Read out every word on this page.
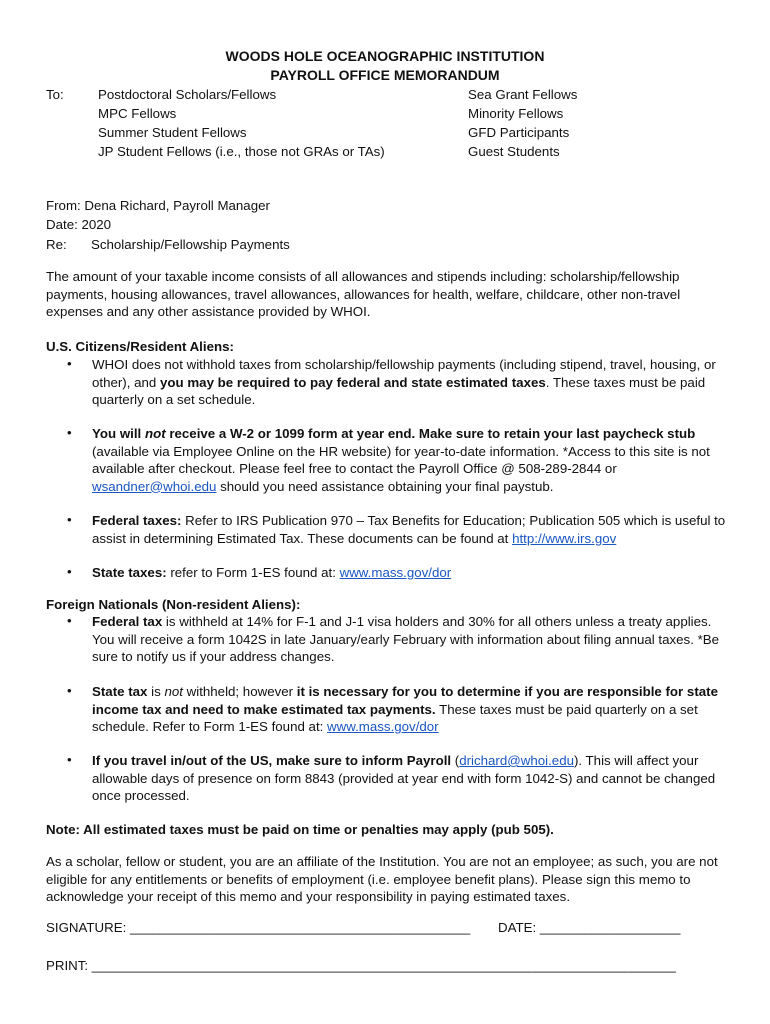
WOODS HOLE OCEANOGRAPHIC INSTITUTION
PAYROLL OFFICE MEMORANDUM
To:	Postdoctoral Scholars/Fellows
MPC Fellows
Summer Student Fellows
JP Student Fellows (i.e., those not GRAs or TAs)
Sea Grant Fellows
Minority Fellows
GFD Participants
Guest Students
From: Dena Richard, Payroll Manager
Date: 2020
Re: Scholarship/Fellowship Payments
The amount of your taxable income consists of all allowances and stipends including: scholarship/fellowship payments, housing allowances, travel allowances, allowances for health, welfare, childcare, other non-travel expenses and any other assistance provided by WHOI.
U.S. Citizens/Resident Aliens:
• WHOI does not withhold taxes from scholarship/fellowship payments (including stipend, travel, housing, or other), and you may be required to pay federal and state estimated taxes. These taxes must be paid quarterly on a set schedule.
• You will not receive a W-2 or 1099 form at year end. Make sure to retain your last paycheck stub (available via Employee Online on the HR website) for year-to-date information. *Access to this site is not available after checkout. Please feel free to contact the Payroll Office @ 508-289-2844 or wsandner@whoi.edu should you need assistance obtaining your final paystub.
• Federal taxes: Refer to IRS Publication 970 – Tax Benefits for Education; Publication 505 which is useful to assist in determining Estimated Tax. These documents can be found at http://www.irs.gov
• State taxes: refer to Form 1-ES found at: www.mass.gov/dor
Foreign Nationals (Non-resident Aliens):
• Federal tax is withheld at 14% for F-1 and J-1 visa holders and 30% for all others unless a treaty applies. You will receive a form 1042S in late January/early February with information about filing annual taxes. *Be sure to notify us if your address changes.
• State tax is not withheld; however it is necessary for you to determine if you are responsible for state income tax and need to make estimated tax payments. These taxes must be paid quarterly on a set schedule. Refer to Form 1-ES found at: www.mass.gov/dor
• If you travel in/out of the US, make sure to inform Payroll (drichard@whoi.edu). This will affect your allowable days of presence on form 8843 (provided at year end with form 1042-S) and cannot be changed once processed.
Note: All estimated taxes must be paid on time or penalties may apply (pub 505).
As a scholar, fellow or student, you are an affiliate of the Institution. You are not an employee; as such, you are not eligible for any entitlements or benefits of employment (i.e. employee benefit plans). Please sign this memo to acknowledge your receipt of this memo and your responsibility in paying estimated taxes.
SIGNATURE: ______________________________________________ DATE: ___________________
PRINT: _______________________________________________________________________________
